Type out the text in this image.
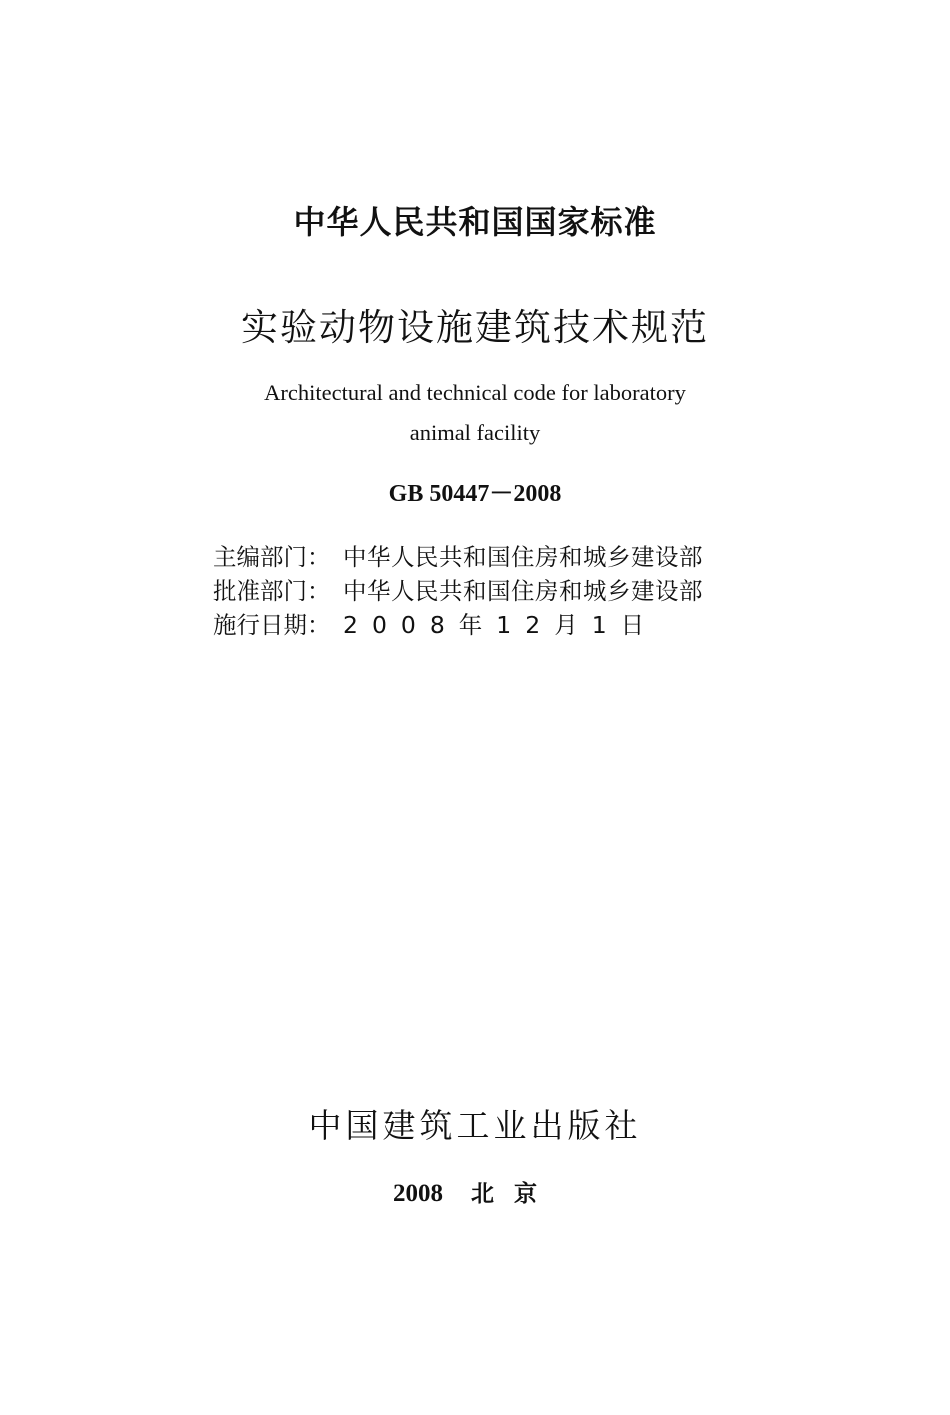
中华人民共和国国家标准
实验动物设施建筑技术规范
Architectural and technical code for laboratory
animal facility
GB 50447－2008
主编部门： 中华人民共和国住房和城乡建设部
批准部门： 中华人民共和国住房和城乡建设部
施行日期： 2008年12月1日
中国建筑工业出版社
2008 北京
